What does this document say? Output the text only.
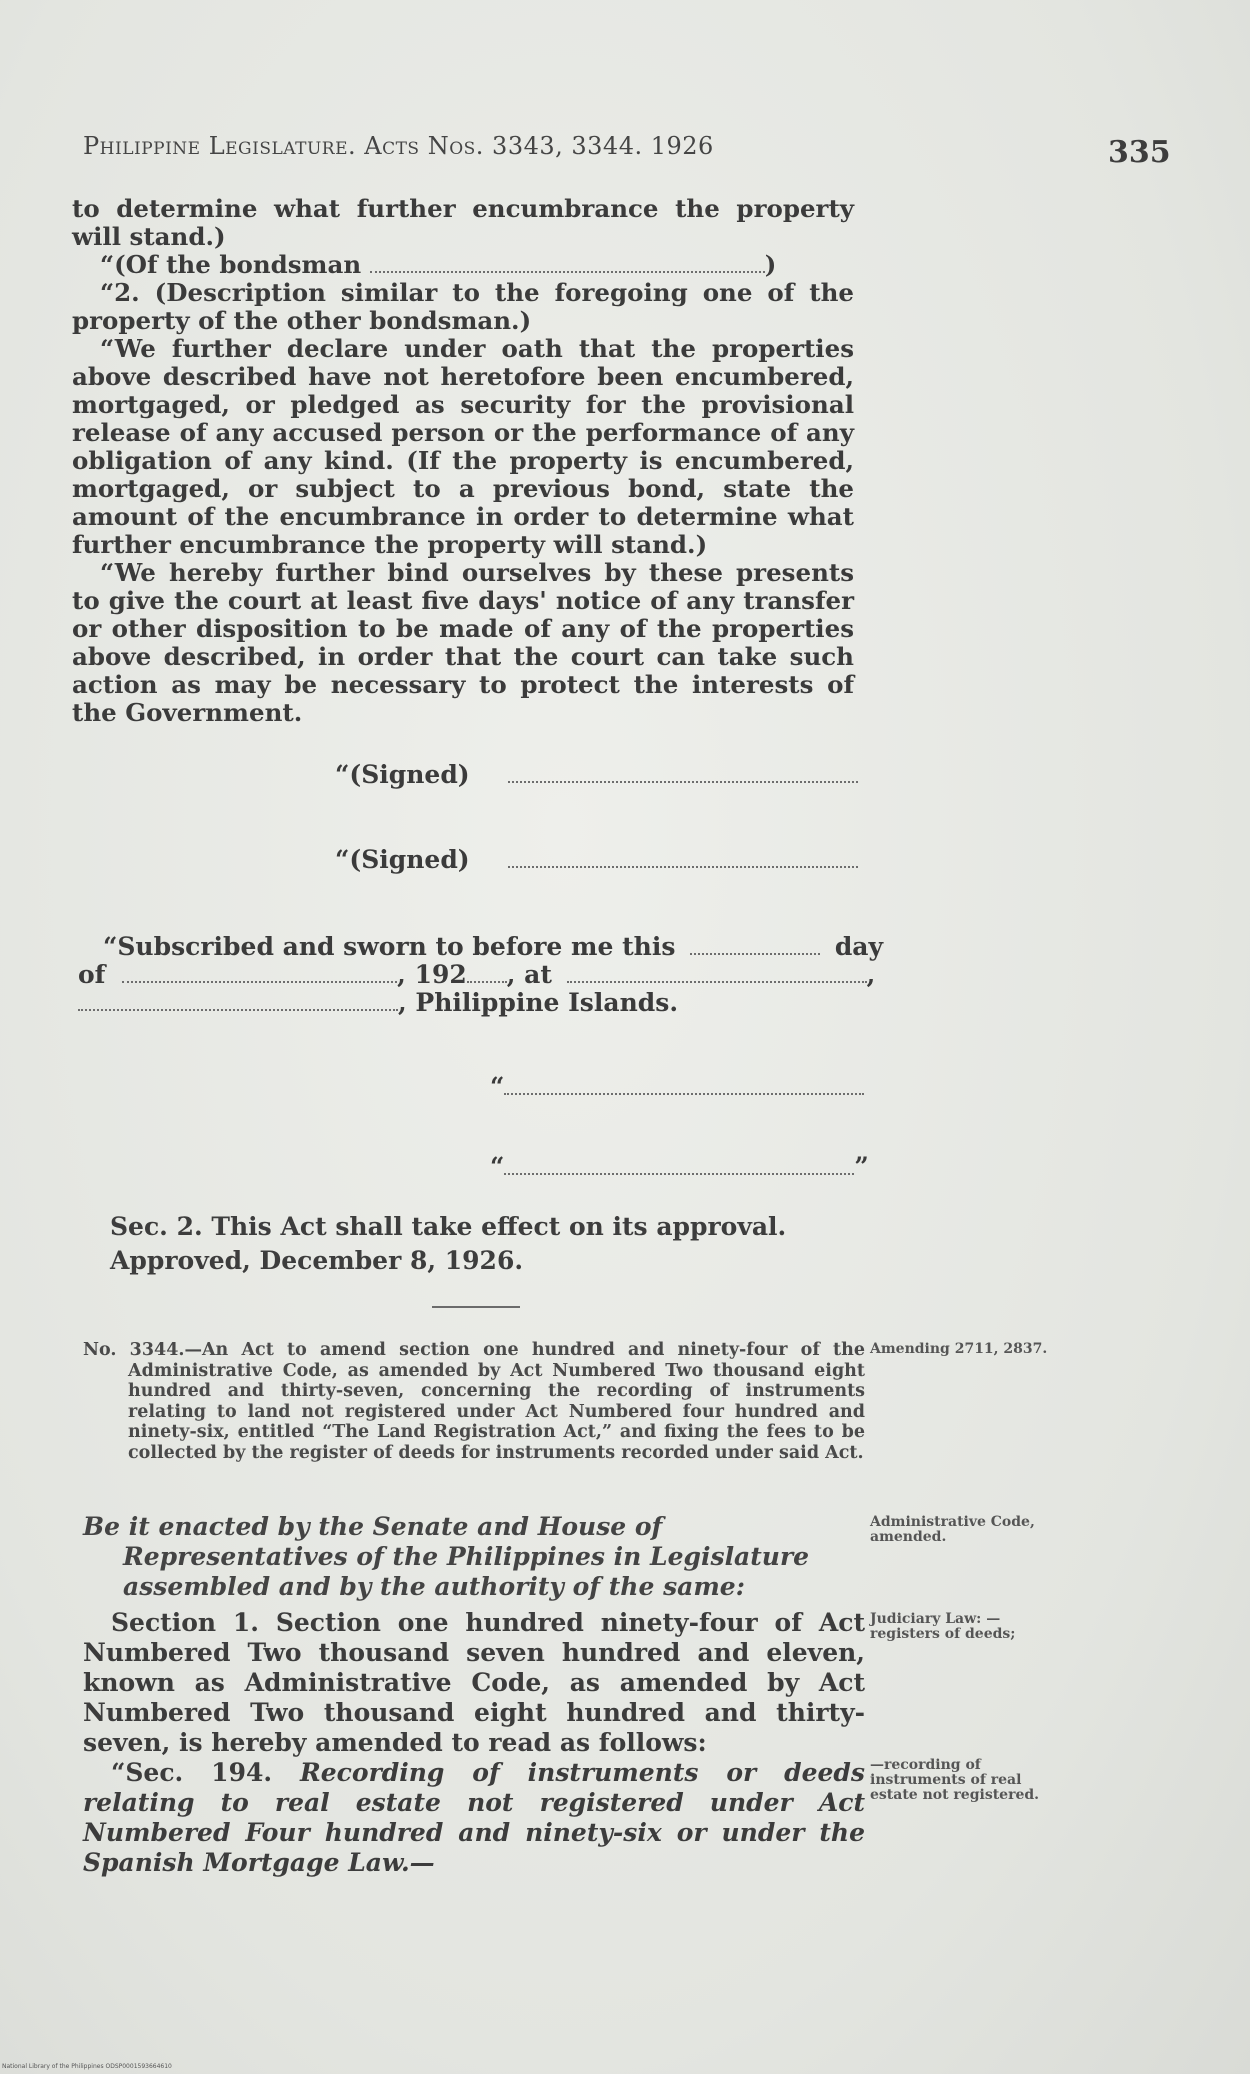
Philippine Legislature. Acts Nos. 3343, 3344. 1926	335

to determine what further encumbrance the property will stand.)

“(Of the bondsman	)

“2. (Description similar to the foregoing one of the property of the other bondsman.)

“We further declare under oath that the properties above described have not heretofore been encumbered, mortgaged, or pledged as security for the provisional release of any accused person or the performance of any obligation of any kind. (If the property is encumbered, mortgaged, or subject to a previous bond, state the amount of the encumbrance in order to determine what further encumbrance the property will stand.)

“We hereby further bind ourselves by these presents to give the court at least five days' notice of any transfer or other disposition to be made of any of the properties above described, in order that the court can take such action as may be necessary to protect the interests of the Government.

“(Signed)
“(Signed)
“Subscribed and sworn to before me this	day
of	, 192 , at	,
, Philippine Islands.
“
“	”
Sec. 2. This Act shall take effect on its approval.
Approved, December 8, 1926.

No. 3344.—An Act to amend section one hundred and ninety-four of the Administrative Code, as amended by Act Numbered Two thousand eight hundred and thirty-seven, concerning the recording of instruments relating to land not registered under Act Numbered four hundred and ninety-six, entitled “The Land Registration Act,” and fixing the fees to be collected by the register of deeds for instruments recorded under said Act.

Be it enacted by the Senate and House of Representatives of the Philippines in Legislature assembled and by the authority of the same:

Section 1. Section one hundred ninety-four of Act Numbered Two thousand seven hundred and eleven, known as Administrative Code, as amended by Act Numbered Two thousand eight hundred and thirty-seven, is hereby amended to read as follows:

“Sec. 194. Recording of instruments or deeds relating to real estate not registered under Act Numbered Four hundred and ninety-six or under the Spanish Mortgage Law.—

Amending 2711, 2837.
Administrative Code, amended.
Judiciary Law: —registers of deeds;
—recording of instruments of real estate not registered.
National Library of the Philippines ODSP0001593664610
